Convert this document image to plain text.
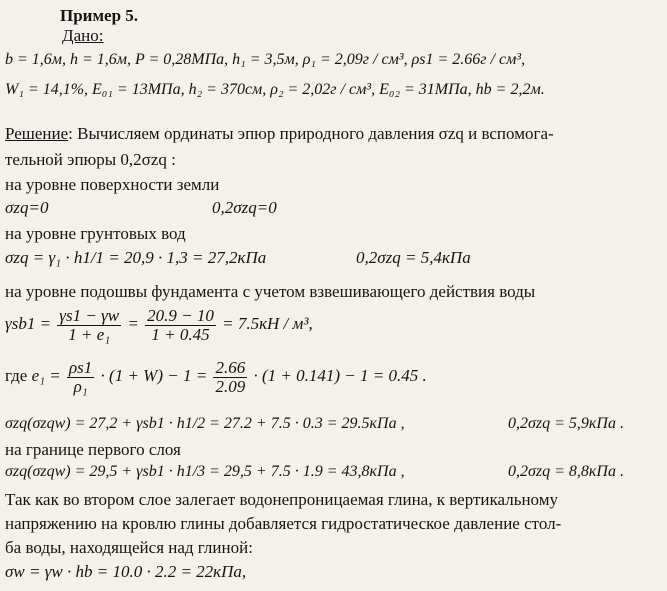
Пример 5.
Дано:
b = 1,6м, h = 1,6м, P = 0,28МПа, h₁ = 3,5м, ρ₁ = 2,09г / см³, ρs1 = 2.66г / см³,
W₁ = 14,1%, E₀₁ = 13МПа, h₂ = 370см, ρ₂ = 2,02г / см³, E₀₂ = 31МПа, hb = 2,2м.
Решение: Вычисляем ординаты эпюр природного давления σzq и вспомога-
тельной эпюры 0,2σzq :
на уровне поверхности земли
σzq=0	0,2σzq=0
на уровне грунтовых вод
σzq = γ₁ · h1/1 = 20,9 · 1,3 = 27,2кПа	0,2σzq = 5,4кПа
на уровне подошвы фундамента с учетом взвешивающего действия воды
$\gamma sb1 = \frac{\gamma s1 - \gamma w}{\text{1 + e₁}} = \frac{20.9 - 10}{1 + 0.45} = 7.5кН / м^3$,
где $e_1 = \frac{\rho s1}{\text{ρ₁}} \cdot (1 + W) - 1 = \frac{2.66}{2.09} \cdot (1 + 0.141) - 1 = 0.45$ .
σzq(σzqw) = 27,2 + γsb1 · h1/2 = 27.2 + 7.5 · 0.3 = 29.5кПа ,	0,2σzq = 5,9кПа .
на границе первого слоя
σzq(σzqw) = 29,5 + γsb1 · h1/3 = 29,5 + 7.5 · 1.9 = 43,8кПа ,	0,2σzq = 8,8кПа .
Так как во втором слое залегает водонепроницаемая глина, к вертикальному
напряжению на кровлю глины добавляется гидростатическое давление стол-
ба воды, находящейся над глиной:
σw = γw · hb = 10.0 · 2.2 = 22кПа,
